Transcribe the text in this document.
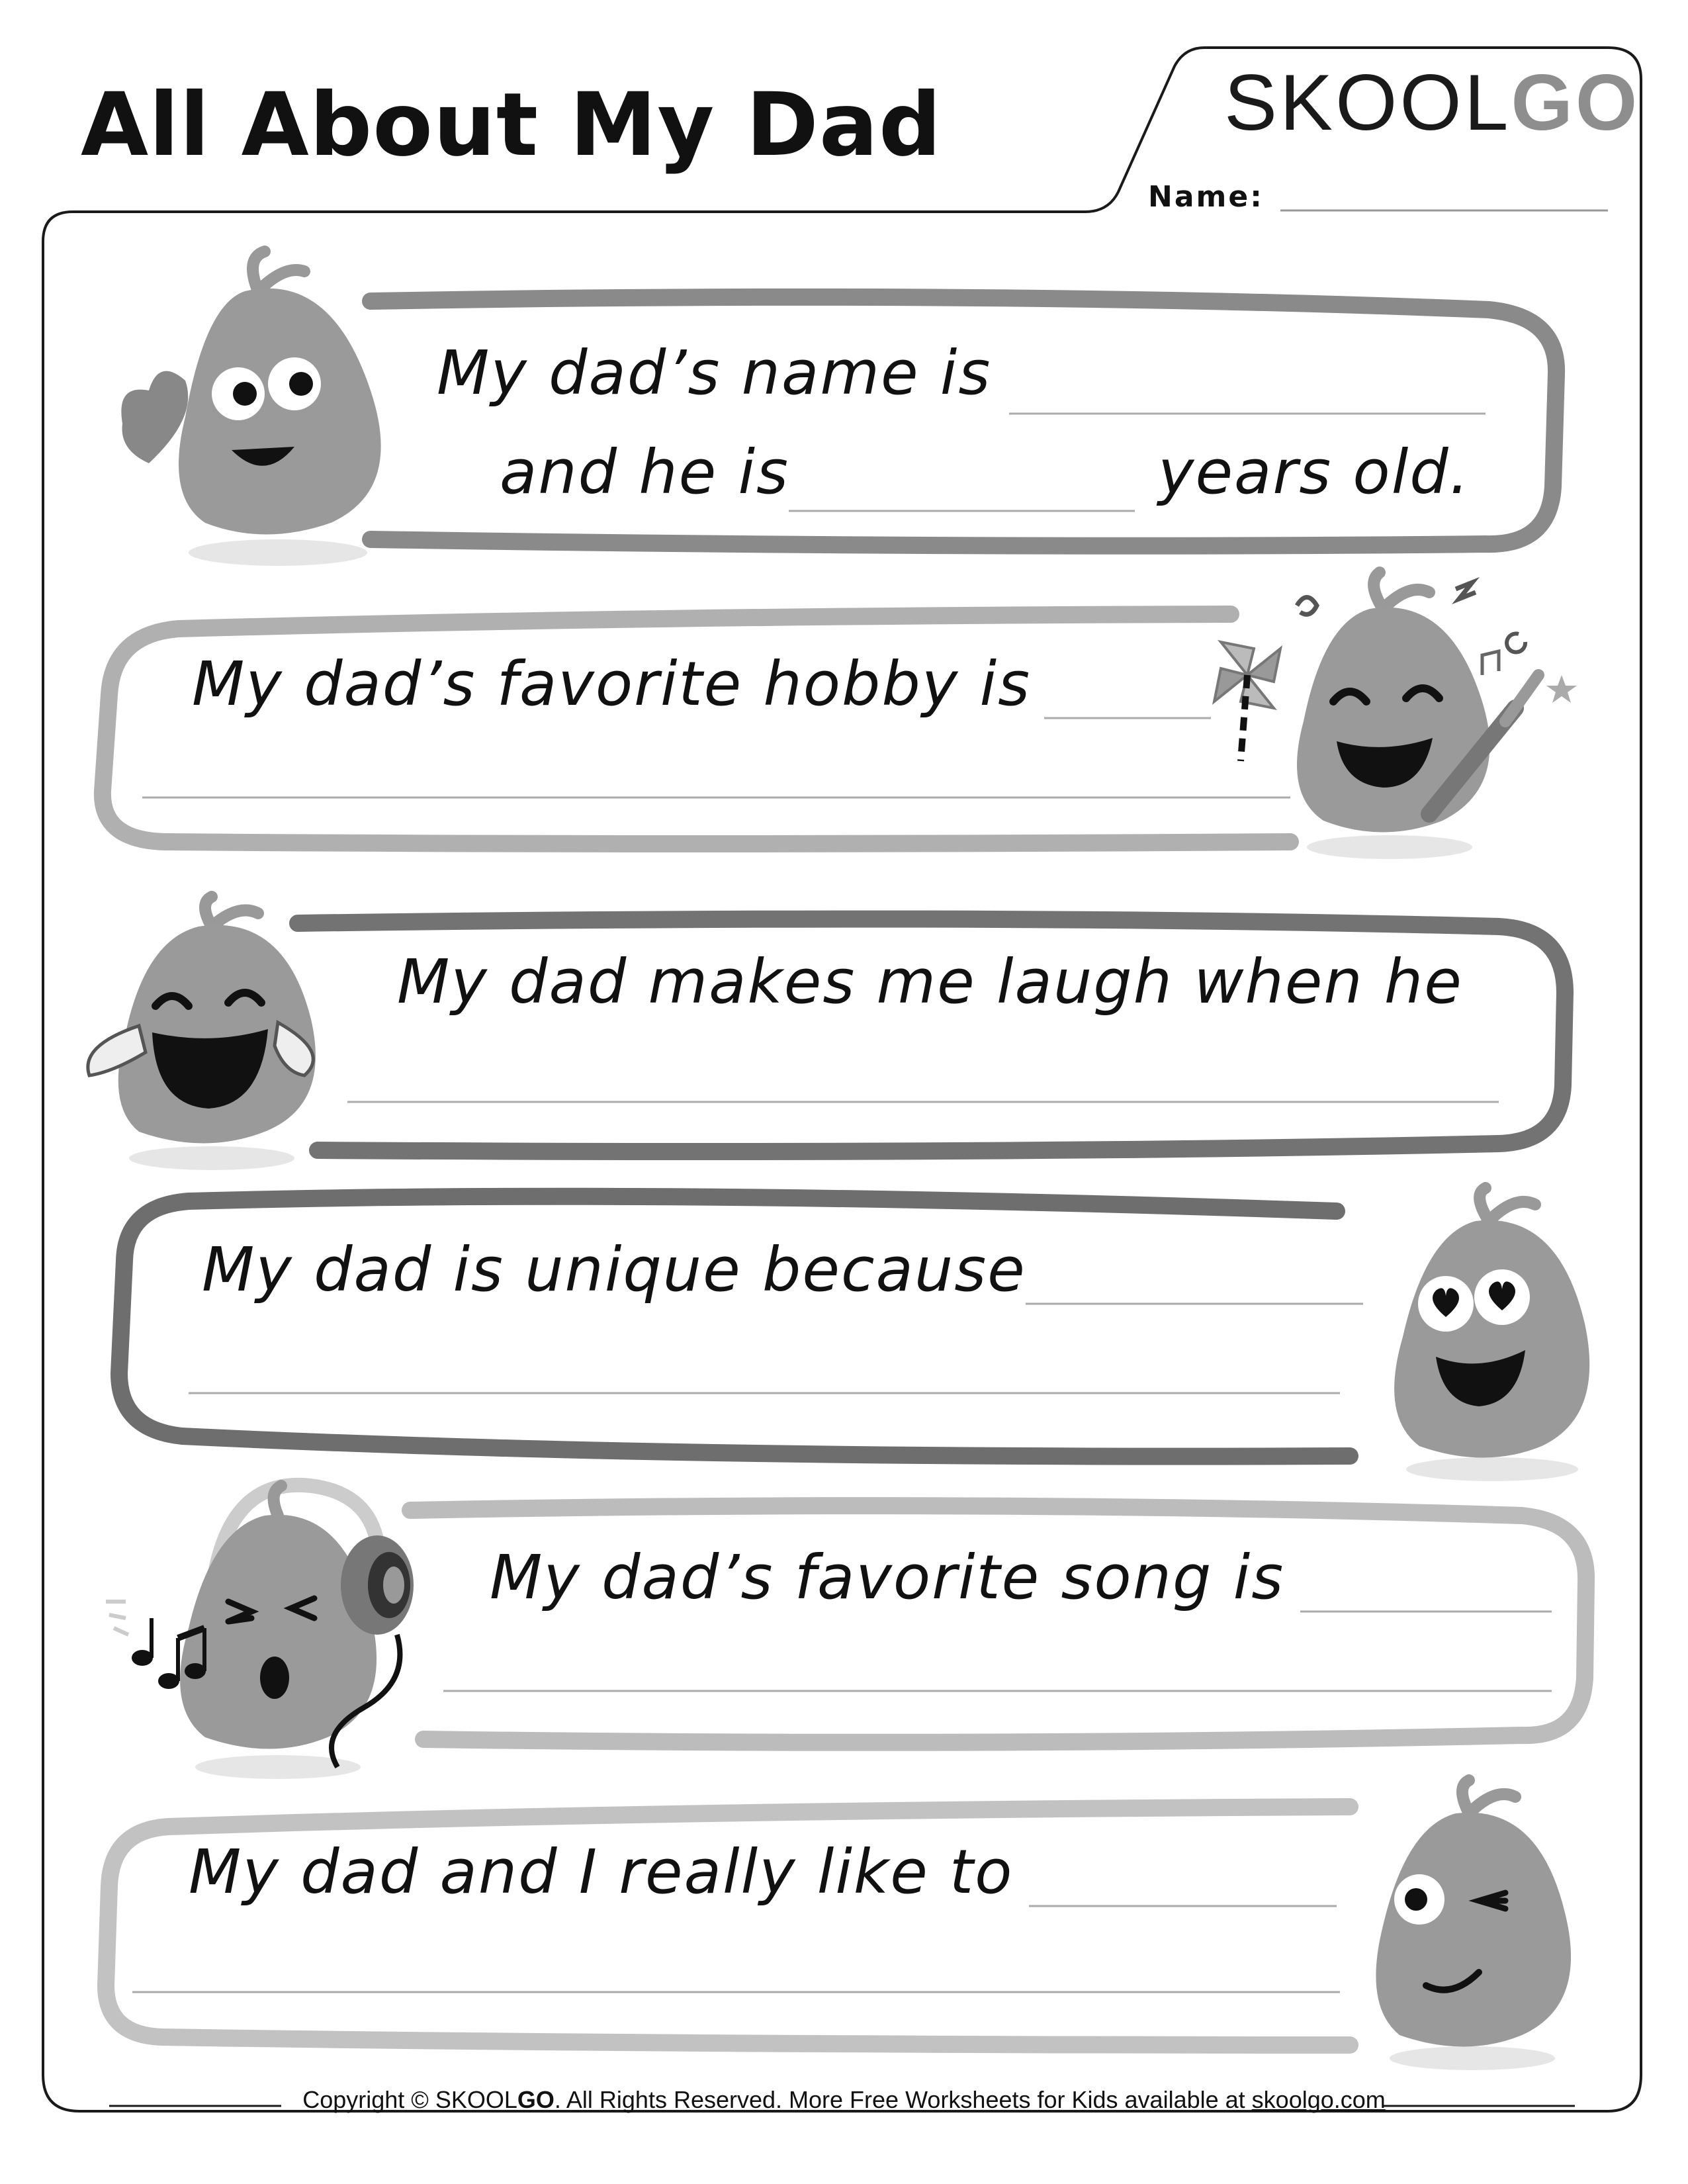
All About My Dad	SKOOLGO
Name:
My dad’s name is
and he is	years old.
My dad’s favorite hobby is
My dad makes me laugh when he
My dad is unique because
My dad’s favorite song is
My dad and I really like to
Copyright © SKOOLGO. All Rights Reserved. More Free Worksheets for Kids available at skoolgo.com
